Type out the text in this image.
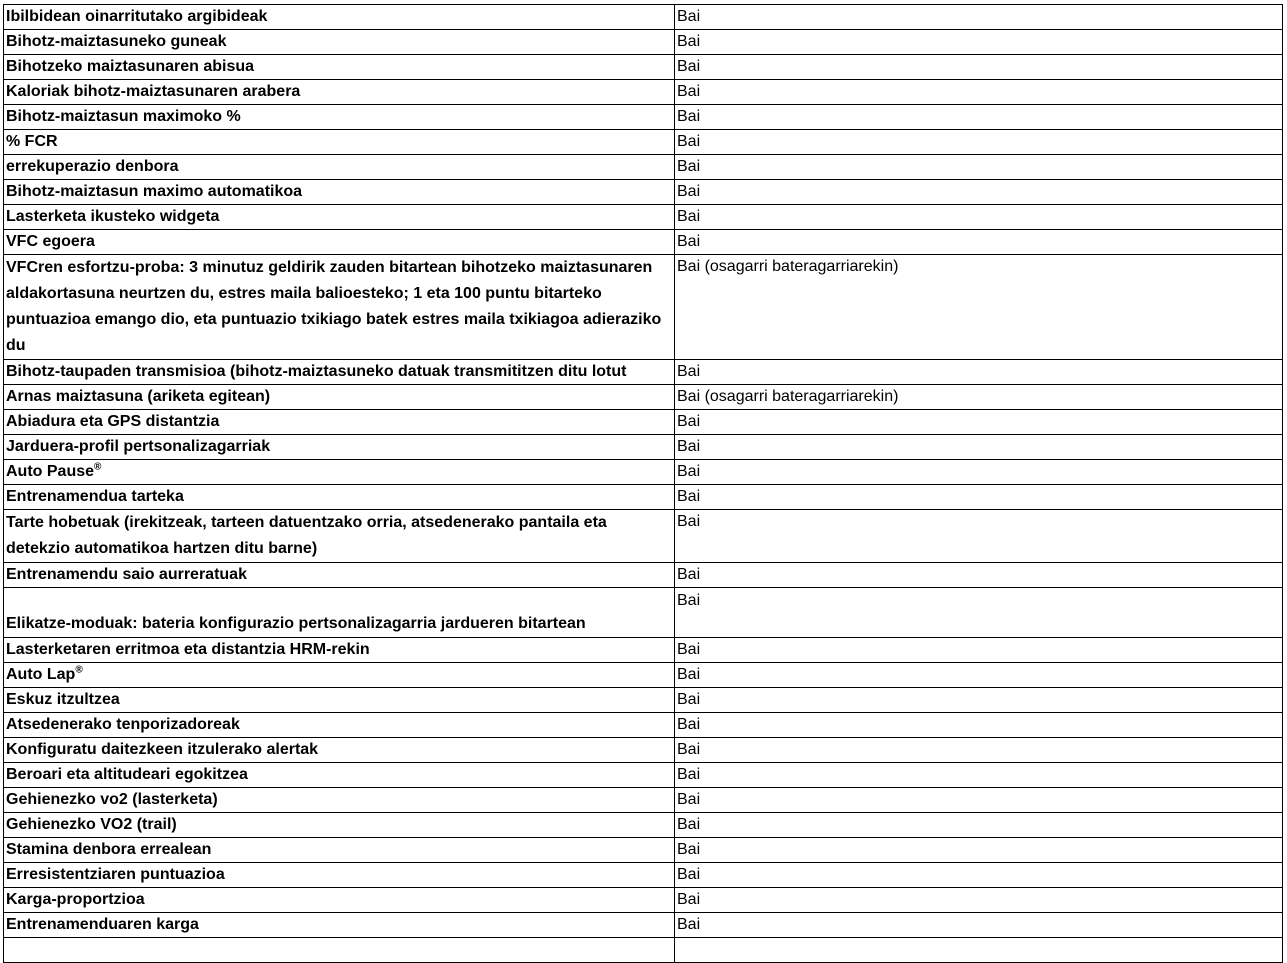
Ibilbidean oinarritutako argibideak	Bai
Bihotz-maiztasuneko guneak	Bai
Bihotzeko maiztasunaren abisua	Bai
Kaloriak bihotz-maiztasunaren arabera	Bai
Bihotz-maiztasun maximoko %	Bai
% FCR	Bai
errekuperazio denbora	Bai
Bihotz-maiztasun maximo automatikoa	Bai
Lasterketa ikusteko widgeta	Bai
VFC egoera	Bai
VFCren esfortzu-proba: 3 minutuz geldirik zauden bitartean bihotzeko maiztasunaren aldakortasuna neurtzen du, estres maila balioesteko; 1 eta 100 puntu bitarteko puntuazioa emango dio, eta puntuazio txikiago batek estres maila txikiagoa adieraziko du	Bai (osagarri bateragarriarekin)
Bihotz-taupaden transmisioa (bihotz-maiztasuneko datuak transmititzen ditu lotut	Bai
Arnas maiztasuna (ariketa egitean)	Bai (osagarri bateragarriarekin)
Abiadura eta GPS distantzia	Bai
Jarduera-profil pertsonalizagarriak	Bai
Auto Pause®	Bai
Entrenamendua tarteka	Bai
Tarte hobetuak (irekitzeak, tarteen datuentzako orria, atsedenerako pantaila eta detekzio automatikoa hartzen ditu barne)	Bai
Entrenamendu saio aurreratuak	Bai
Elikatze-moduak: bateria konfigurazio pertsonalizagarria jardueren bitartean	Bai
Lasterketaren erritmoa eta distantzia HRM-rekin	Bai
Auto Lap®	Bai
Eskuz itzultzea	Bai
Atsedenerako tenporizadoreak	Bai
Konfiguratu daitezkeen itzulerako alertak	Bai
Beroari eta altitudeari egokitzea	Bai
Gehienezko vo2 (lasterketa)	Bai
Gehienezko VO2 (trail)	Bai
Stamina denbora errealean	Bai
Erresistentziaren puntuazioa	Bai
Karga-proportzioa	Bai
Entrenamenduaren karga	Bai
